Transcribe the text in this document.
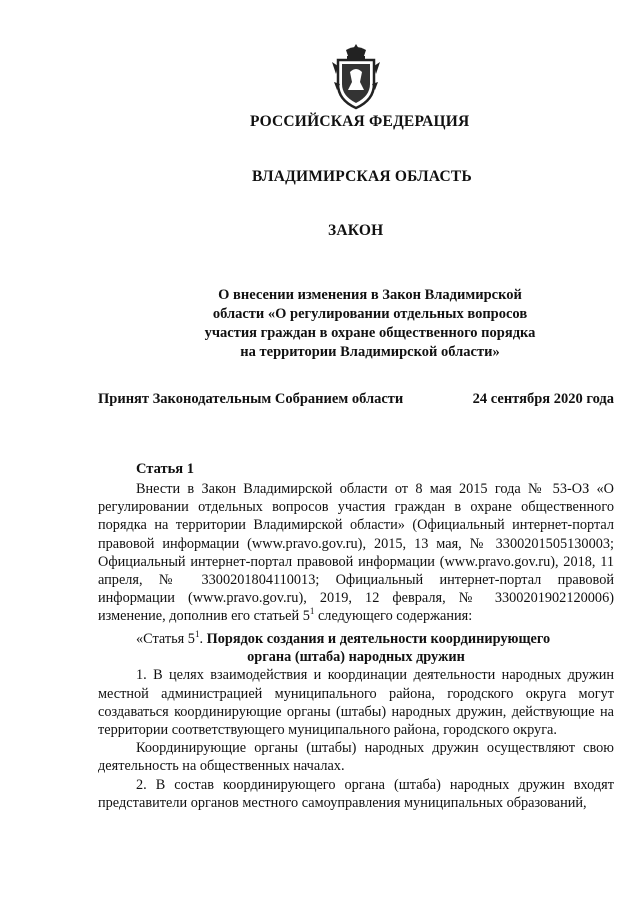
РОССИЙСКАЯ ФЕДЕРАЦИЯ
ВЛАДИМИРСКАЯ ОБЛАСТЬ
ЗАКОН
О внесении изменения в Закон Владимирской
области «О регулировании отдельных вопросов
участия граждан в охране общественного порядка
на территории Владимирской области»
Принят Законодательным Собранием области	24 сентября 2020 года
Статья 1

Внести в Закон Владимирской области от 8 мая 2015 года № 53-ОЗ «О регулировании отдельных вопросов участия граждан в охране общественного порядка на территории Владимирской области» (Официальный интернет-портал правовой информации (www.pravo.gov.ru), 2015, 13 мая, № 3300201505130003; Официальный интернет-портал правовой информации (www.pravo.gov.ru), 2018, 11 апреля, № 3300201804110013; Официальный интернет-портал правовой информации (www.pravo.gov.ru), 2019, 12 февраля, № 3300201902120006) изменение, дополнив его статьей $5^1$ следующего содержания:

«Статья $5^1$. Порядок создания и деятельности координирующего

органа (штаба) народных дружин

1. В целях взаимодействия и координации деятельности народных дружин местной администрацией муниципального района, городского округа могут создаваться координирующие органы (штабы) народных дружин, действующие на территории соответствующего муниципального района, городского округа.

Координирующие органы (штабы) народных дружин осуществляют свою деятельность на общественных началах.

2. В состав координирующего органа (штаба) народных дружин входят представители органов местного самоуправления муниципальных образований,
